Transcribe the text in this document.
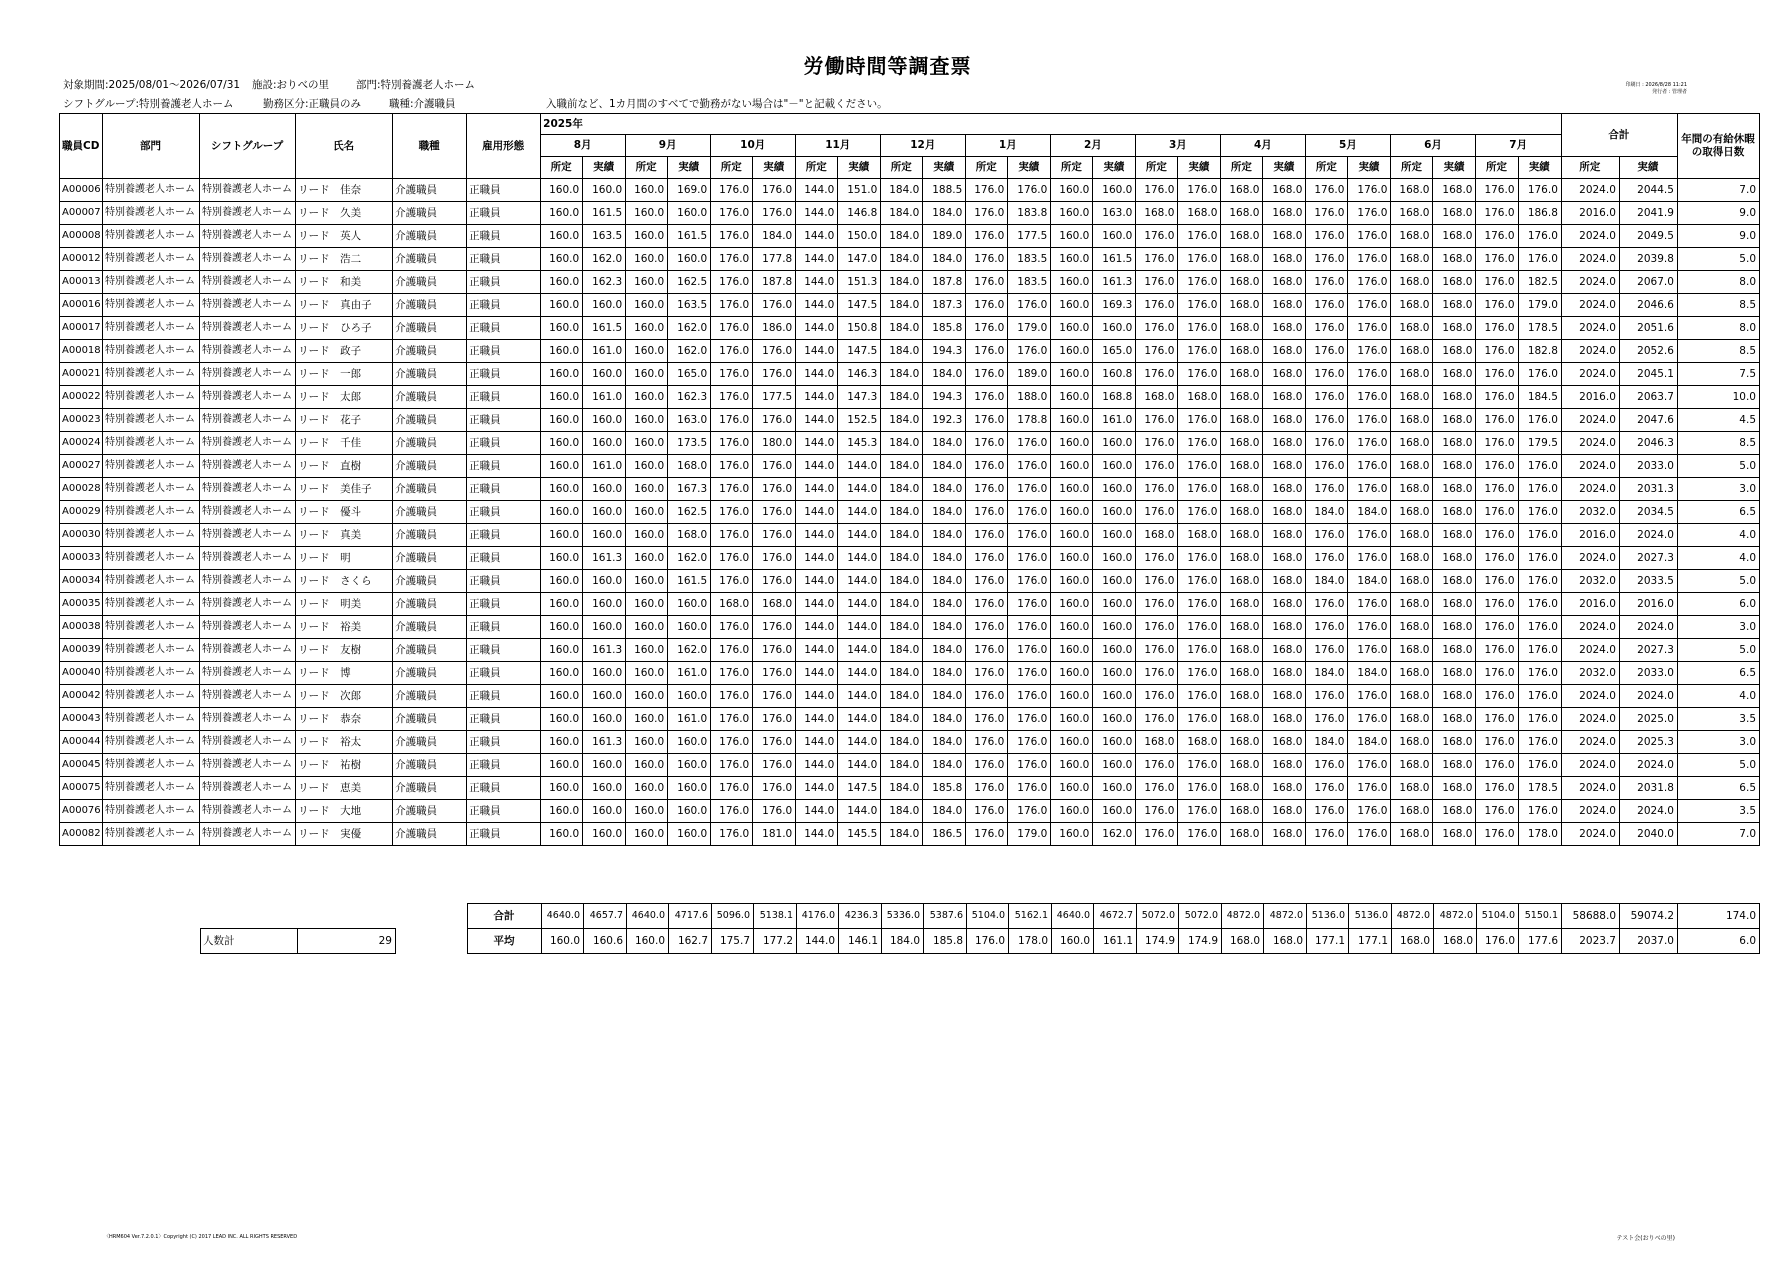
労働時間等調査票
対象期間:2025/08/01～2026/07/31 施設:おりべの里	部門:特別養護老人ホーム
シフトグループ:特別養護老人ホーム	勤務区分:正職員のみ	職種:介護職員	入職前など、1カ月間のすべてで勤務がない場合は"－"と記載ください。
印刷日 : 2026/8/28 11:21
発行者 : 管理者
職員CD	部門	シフトグループ	氏名	職種	雇用形態	2025年																								合計		年間の有給休暇の取得日数
						8月		9月		10月		11月		12月		1月		2月		3月		4月		5月		6月		7月				
						所定	実績	所定	実績	所定	実績	所定	実績	所定	実績	所定	実績	所定	実績	所定	実績	所定	実績	所定	実績	所定	実績	所定	実績	所定	実績	
A00006	特別養護老人ホーム	特別養護老人ホーム	リード　佳奈	介護職員	正職員	160.0	160.0	160.0	169.0	176.0	176.0	144.0	151.0	184.0	188.5	176.0	176.0	160.0	160.0	176.0	176.0	168.0	168.0	176.0	176.0	168.0	168.0	176.0	176.0	2024.0	2044.5	7.0
A00007	特別養護老人ホーム	特別養護老人ホーム	リード　久美	介護職員	正職員	160.0	161.5	160.0	160.0	176.0	176.0	144.0	146.8	184.0	184.0	176.0	183.8	160.0	163.0	168.0	168.0	168.0	168.0	176.0	176.0	168.0	168.0	176.0	186.8	2016.0	2041.9	9.0
A00008	特別養護老人ホーム	特別養護老人ホーム	リード　英人	介護職員	正職員	160.0	163.5	160.0	161.5	176.0	184.0	144.0	150.0	184.0	189.0	176.0	177.5	160.0	160.0	176.0	176.0	168.0	168.0	176.0	176.0	168.0	168.0	176.0	176.0	2024.0	2049.5	9.0
A00012	特別養護老人ホーム	特別養護老人ホーム	リード　浩二	介護職員	正職員	160.0	162.0	160.0	160.0	176.0	177.8	144.0	147.0	184.0	184.0	176.0	183.5	160.0	161.5	176.0	176.0	168.0	168.0	176.0	176.0	168.0	168.0	176.0	176.0	2024.0	2039.8	5.0
A00013	特別養護老人ホーム	特別養護老人ホーム	リード　和美	介護職員	正職員	160.0	162.3	160.0	162.5	176.0	187.8	144.0	151.3	184.0	187.8	176.0	183.5	160.0	161.3	176.0	176.0	168.0	168.0	176.0	176.0	168.0	168.0	176.0	182.5	2024.0	2067.0	8.0
A00016	特別養護老人ホーム	特別養護老人ホーム	リード　真由子	介護職員	正職員	160.0	160.0	160.0	163.5	176.0	176.0	144.0	147.5	184.0	187.3	176.0	176.0	160.0	169.3	176.0	176.0	168.0	168.0	176.0	176.0	168.0	168.0	176.0	179.0	2024.0	2046.6	8.5
A00017	特別養護老人ホーム	特別養護老人ホーム	リード　ひろ子	介護職員	正職員	160.0	161.5	160.0	162.0	176.0	186.0	144.0	150.8	184.0	185.8	176.0	179.0	160.0	160.0	176.0	176.0	168.0	168.0	176.0	176.0	168.0	168.0	176.0	178.5	2024.0	2051.6	8.0
A00018	特別養護老人ホーム	特別養護老人ホーム	リード　政子	介護職員	正職員	160.0	161.0	160.0	162.0	176.0	176.0	144.0	147.5	184.0	194.3	176.0	176.0	160.0	165.0	176.0	176.0	168.0	168.0	176.0	176.0	168.0	168.0	176.0	182.8	2024.0	2052.6	8.5
A00021	特別養護老人ホーム	特別養護老人ホーム	リード　一郎	介護職員	正職員	160.0	160.0	160.0	165.0	176.0	176.0	144.0	146.3	184.0	184.0	176.0	189.0	160.0	160.8	176.0	176.0	168.0	168.0	176.0	176.0	168.0	168.0	176.0	176.0	2024.0	2045.1	7.5
A00022	特別養護老人ホーム	特別養護老人ホーム	リード　太郎	介護職員	正職員	160.0	161.0	160.0	162.3	176.0	177.5	144.0	147.3	184.0	194.3	176.0	188.0	160.0	168.8	168.0	168.0	168.0	168.0	176.0	176.0	168.0	168.0	176.0	184.5	2016.0	2063.7	10.0
A00023	特別養護老人ホーム	特別養護老人ホーム	リード　花子	介護職員	正職員	160.0	160.0	160.0	163.0	176.0	176.0	144.0	152.5	184.0	192.3	176.0	178.8	160.0	161.0	176.0	176.0	168.0	168.0	176.0	176.0	168.0	168.0	176.0	176.0	2024.0	2047.6	4.5
A00024	特別養護老人ホーム	特別養護老人ホーム	リード　千佳	介護職員	正職員	160.0	160.0	160.0	173.5	176.0	180.0	144.0	145.3	184.0	184.0	176.0	176.0	160.0	160.0	176.0	176.0	168.0	168.0	176.0	176.0	168.0	168.0	176.0	179.5	2024.0	2046.3	8.5
A00027	特別養護老人ホーム	特別養護老人ホーム	リード　直樹	介護職員	正職員	160.0	161.0	160.0	168.0	176.0	176.0	144.0	144.0	184.0	184.0	176.0	176.0	160.0	160.0	176.0	176.0	168.0	168.0	176.0	176.0	168.0	168.0	176.0	176.0	2024.0	2033.0	5.0
A00028	特別養護老人ホーム	特別養護老人ホーム	リード　美佳子	介護職員	正職員	160.0	160.0	160.0	167.3	176.0	176.0	144.0	144.0	184.0	184.0	176.0	176.0	160.0	160.0	176.0	176.0	168.0	168.0	176.0	176.0	168.0	168.0	176.0	176.0	2024.0	2031.3	3.0
A00029	特別養護老人ホーム	特別養護老人ホーム	リード　優斗	介護職員	正職員	160.0	160.0	160.0	162.5	176.0	176.0	144.0	144.0	184.0	184.0	176.0	176.0	160.0	160.0	176.0	176.0	168.0	168.0	184.0	184.0	168.0	168.0	176.0	176.0	2032.0	2034.5	6.5
A00030	特別養護老人ホーム	特別養護老人ホーム	リード　真美	介護職員	正職員	160.0	160.0	160.0	168.0	176.0	176.0	144.0	144.0	184.0	184.0	176.0	176.0	160.0	160.0	168.0	168.0	168.0	168.0	176.0	176.0	168.0	168.0	176.0	176.0	2016.0	2024.0	4.0
A00033	特別養護老人ホーム	特別養護老人ホーム	リード　明	介護職員	正職員	160.0	161.3	160.0	162.0	176.0	176.0	144.0	144.0	184.0	184.0	176.0	176.0	160.0	160.0	176.0	176.0	168.0	168.0	176.0	176.0	168.0	168.0	176.0	176.0	2024.0	2027.3	4.0
A00034	特別養護老人ホーム	特別養護老人ホーム	リード　さくら	介護職員	正職員	160.0	160.0	160.0	161.5	176.0	176.0	144.0	144.0	184.0	184.0	176.0	176.0	160.0	160.0	176.0	176.0	168.0	168.0	184.0	184.0	168.0	168.0	176.0	176.0	2032.0	2033.5	5.0
A00035	特別養護老人ホーム	特別養護老人ホーム	リード　明美	介護職員	正職員	160.0	160.0	160.0	160.0	168.0	168.0	144.0	144.0	184.0	184.0	176.0	176.0	160.0	160.0	176.0	176.0	168.0	168.0	176.0	176.0	168.0	168.0	176.0	176.0	2016.0	2016.0	6.0
A00038	特別養護老人ホーム	特別養護老人ホーム	リード　裕美	介護職員	正職員	160.0	160.0	160.0	160.0	176.0	176.0	144.0	144.0	184.0	184.0	176.0	176.0	160.0	160.0	176.0	176.0	168.0	168.0	176.0	176.0	168.0	168.0	176.0	176.0	2024.0	2024.0	3.0
A00039	特別養護老人ホーム	特別養護老人ホーム	リード　友樹	介護職員	正職員	160.0	161.3	160.0	162.0	176.0	176.0	144.0	144.0	184.0	184.0	176.0	176.0	160.0	160.0	176.0	176.0	168.0	168.0	176.0	176.0	168.0	168.0	176.0	176.0	2024.0	2027.3	5.0
A00040	特別養護老人ホーム	特別養護老人ホーム	リード　博	介護職員	正職員	160.0	160.0	160.0	161.0	176.0	176.0	144.0	144.0	184.0	184.0	176.0	176.0	160.0	160.0	176.0	176.0	168.0	168.0	184.0	184.0	168.0	168.0	176.0	176.0	2032.0	2033.0	6.5
A00042	特別養護老人ホーム	特別養護老人ホーム	リード　次郎	介護職員	正職員	160.0	160.0	160.0	160.0	176.0	176.0	144.0	144.0	184.0	184.0	176.0	176.0	160.0	160.0	176.0	176.0	168.0	168.0	176.0	176.0	168.0	168.0	176.0	176.0	2024.0	2024.0	4.0
A00043	特別養護老人ホーム	特別養護老人ホーム	リード　恭奈	介護職員	正職員	160.0	160.0	160.0	161.0	176.0	176.0	144.0	144.0	184.0	184.0	176.0	176.0	160.0	160.0	176.0	176.0	168.0	168.0	176.0	176.0	168.0	168.0	176.0	176.0	2024.0	2025.0	3.5
A00044	特別養護老人ホーム	特別養護老人ホーム	リード　裕太	介護職員	正職員	160.0	161.3	160.0	160.0	176.0	176.0	144.0	144.0	184.0	184.0	176.0	176.0	160.0	160.0	168.0	168.0	168.0	168.0	184.0	184.0	168.0	168.0	176.0	176.0	2024.0	2025.3	3.0
A00045	特別養護老人ホーム	特別養護老人ホーム	リード　祐樹	介護職員	正職員	160.0	160.0	160.0	160.0	176.0	176.0	144.0	144.0	184.0	184.0	176.0	176.0	160.0	160.0	176.0	176.0	168.0	168.0	176.0	176.0	168.0	168.0	176.0	176.0	2024.0	2024.0	5.0
A00075	特別養護老人ホーム	特別養護老人ホーム	リード　恵美	介護職員	正職員	160.0	160.0	160.0	160.0	176.0	176.0	144.0	147.5	184.0	185.8	176.0	176.0	160.0	160.0	176.0	176.0	168.0	168.0	176.0	176.0	168.0	168.0	176.0	178.5	2024.0	2031.8	6.5
A00076	特別養護老人ホーム	特別養護老人ホーム	リード　大地	介護職員	正職員	160.0	160.0	160.0	160.0	176.0	176.0	144.0	144.0	184.0	184.0	176.0	176.0	160.0	160.0	176.0	176.0	168.0	168.0	176.0	176.0	168.0	168.0	176.0	176.0	2024.0	2024.0	3.5
A00082	特別養護老人ホーム	特別養護老人ホーム	リード　実優	介護職員	正職員	160.0	160.0	160.0	160.0	176.0	181.0	144.0	145.5	184.0	186.5	176.0	179.0	160.0	162.0	176.0	176.0	168.0	168.0	176.0	176.0	168.0	168.0	176.0	178.0	2024.0	2040.0	7.0
合計	4640.0	4657.7	4640.0	4717.6	5096.0	5138.1	4176.0	4236.3	5336.0	5387.6	5104.0	5162.1	4640.0	4672.7	5072.0	5072.0	4872.0	4872.0	5136.0	5136.0	4872.0	4872.0	5104.0	5150.1	58688.0	59074.2	174.0
平均	160.0	160.6	160.0	162.7	175.7	177.2	144.0	146.1	184.0	185.8	176.0	178.0	160.0	161.1	174.9	174.9	168.0	168.0	177.1	177.1	168.0	168.0	176.0	177.6	2023.7	2037.0	6.0
人数計	29
〈HRM604 Ver.7.2.0.1〉Copyright (C) 2017 LEAD INC. ALL RIGHTS RESERVED	テスト会(おりべの里)
